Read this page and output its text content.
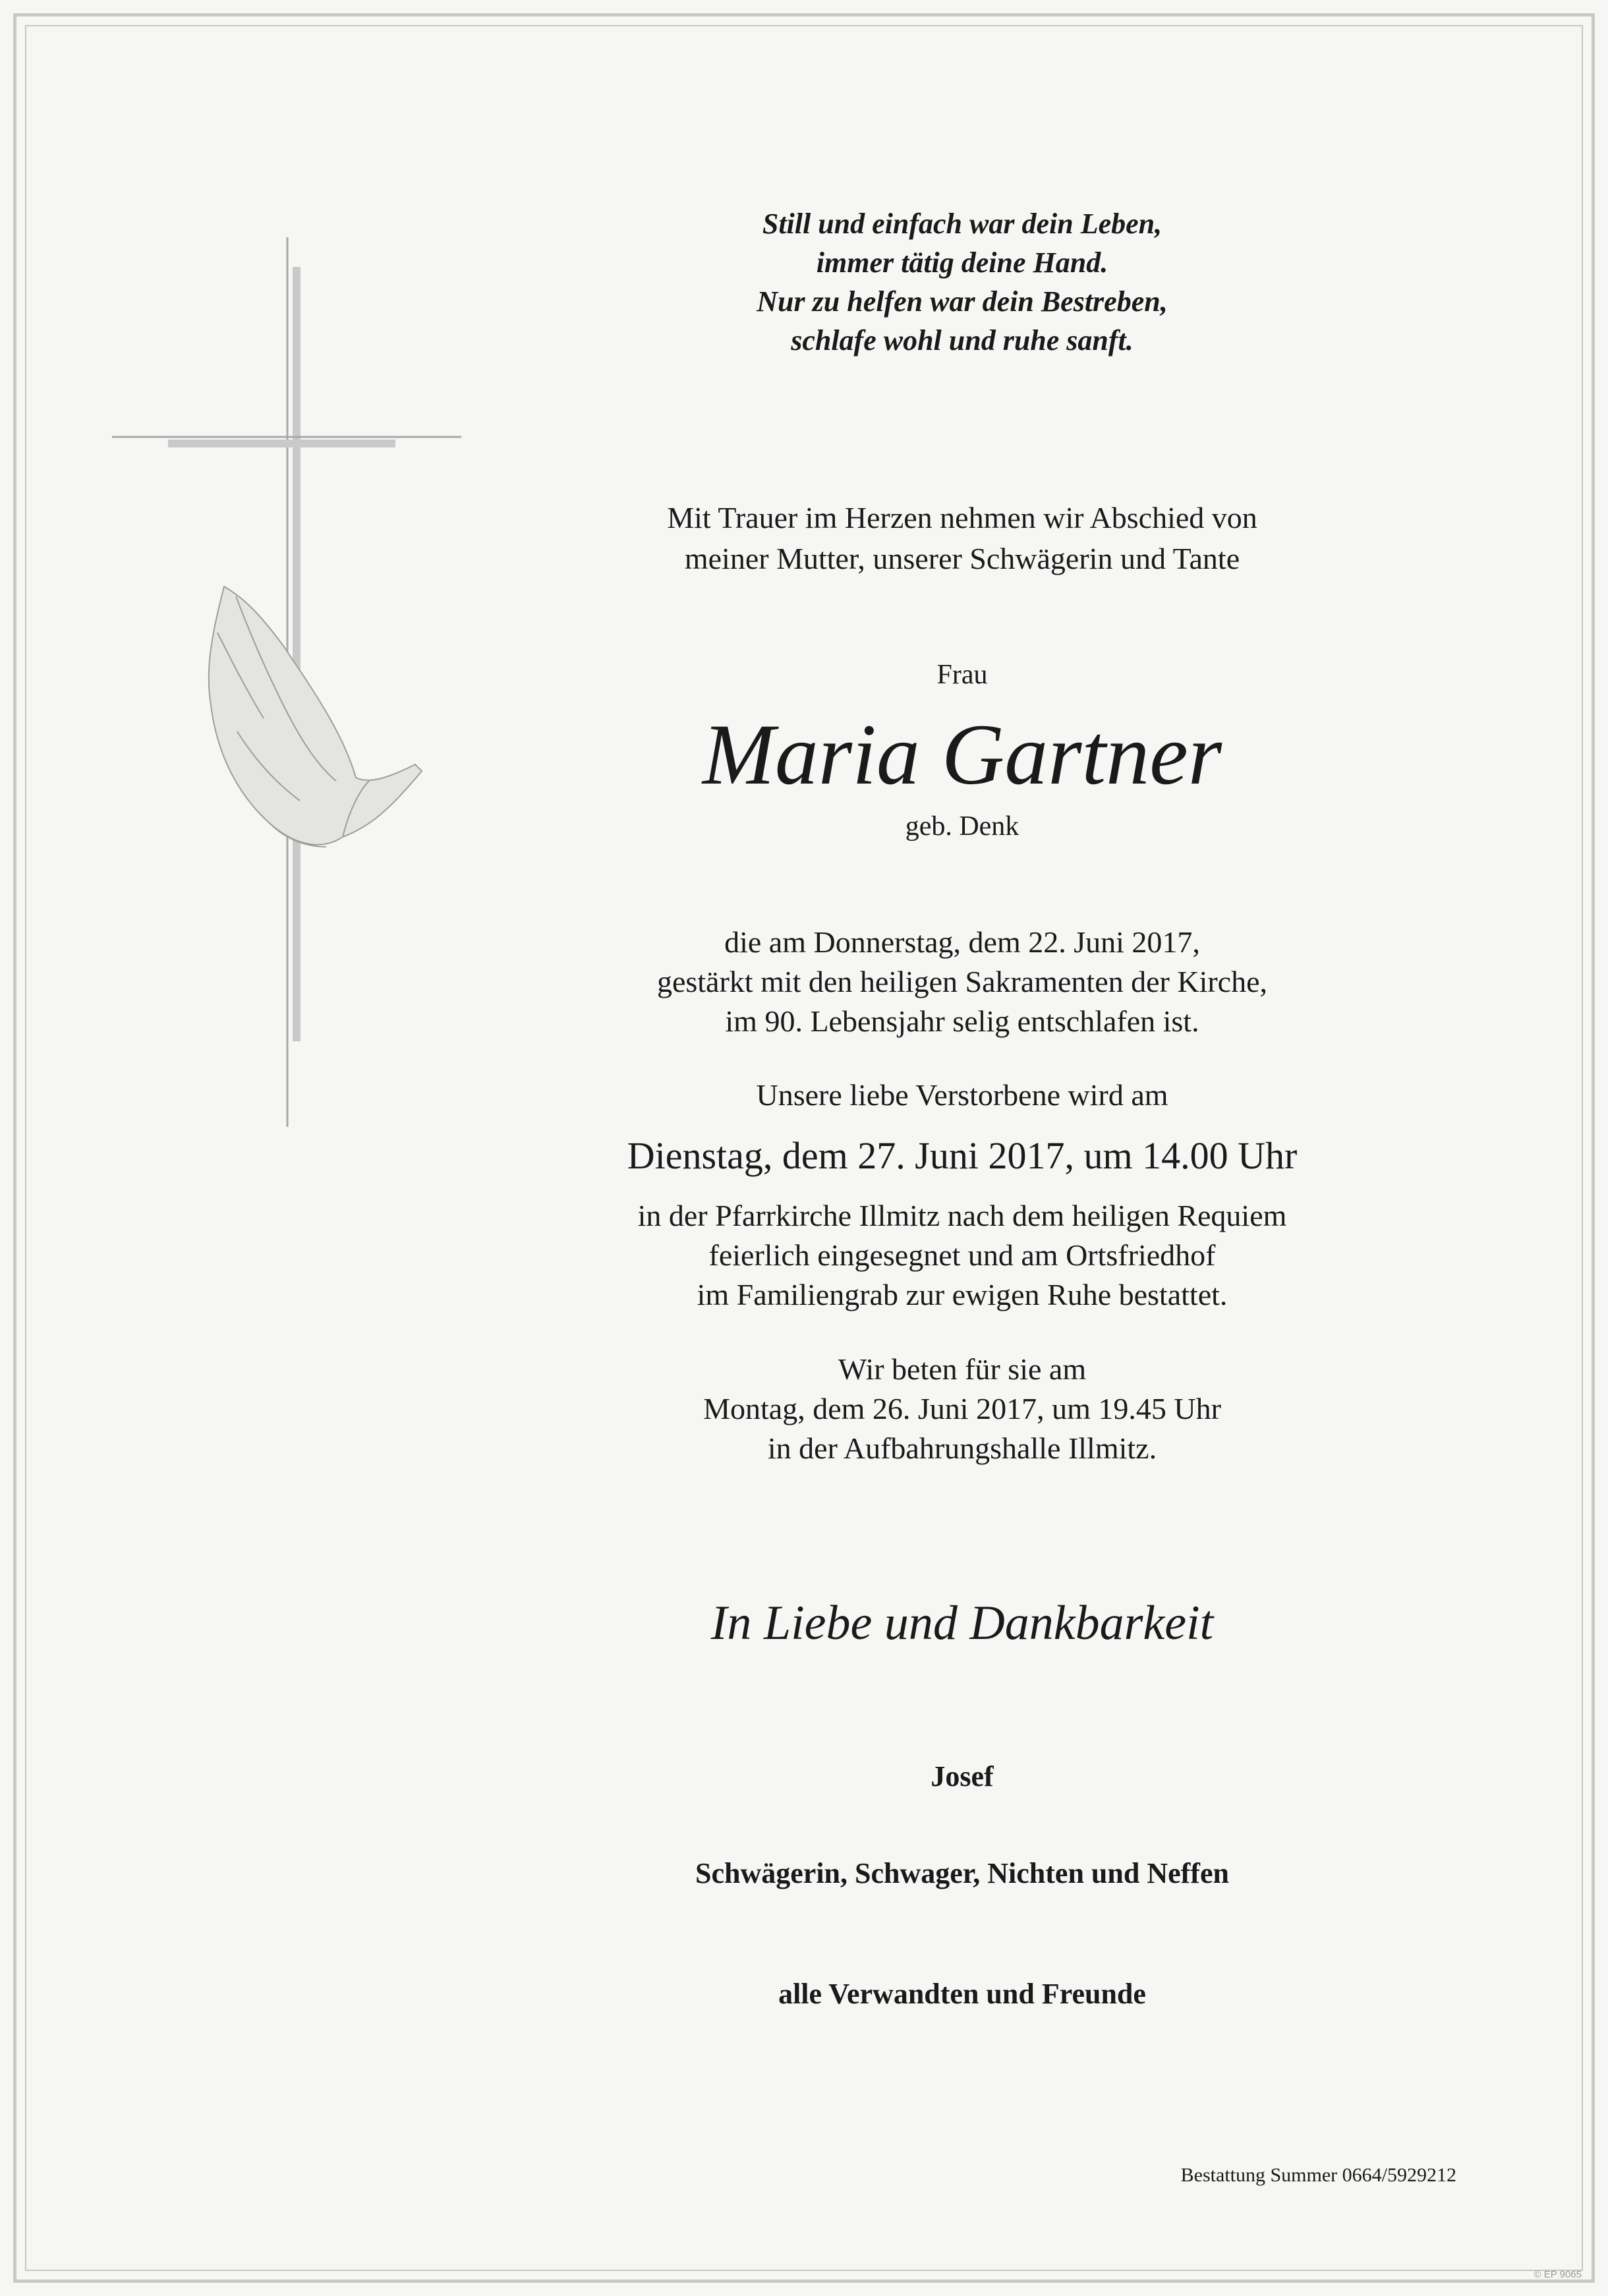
Still und einfach war dein Leben,
immer tätig deine Hand.
Nur zu helfen war dein Bestreben,
schlafe wohl und ruhe sanft.
Mit Trauer im Herzen nehmen wir Abschied von
meiner Mutter, unserer Schwägerin und Tante
Frau
Maria Gartner
geb. Denk
die am Donnerstag, dem 22. Juni 2017,
gestärkt mit den heiligen Sakramenten der Kirche,
im 90. Lebensjahr selig entschlafen ist.
Unsere liebe Verstorbene wird am
Dienstag, dem 27. Juni 2017, um 14.00 Uhr
in der Pfarrkirche Illmitz nach dem heiligen Requiem
feierlich eingesegnet und am Ortsfriedhof
im Familiengrab zur ewigen Ruhe bestattet.
Wir beten für sie am
Montag, dem 26. Juni 2017, um 19.45 Uhr
in der Aufbahrungshalle Illmitz.
In Liebe und Dankbarkeit
Josef
Schwägerin, Schwager, Nichten und Neffen
alle Verwandten und Freunde
Bestattung Summer 0664/5929212
© EP 9065
